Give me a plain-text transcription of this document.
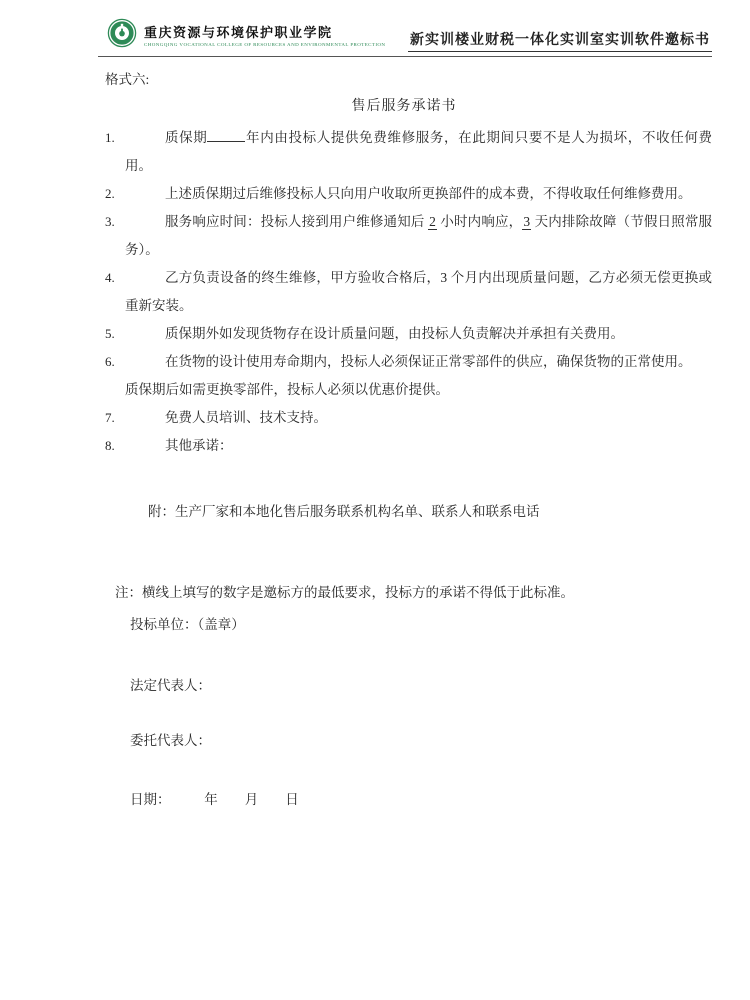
重庆资源与环境保护职业学院
CHONGQING VOCATIONAL COLLEGE OF RESOURCES AND ENVIRONMENTAL PROTECTION 新实训楼业财税一体化实训室实训软件邀标书
格式六:
售后服务承诺书
1.	质保期	年内由投标人提供免费维修服务，在此期间只要不是人为损坏，不收任何费用。
2.	上述质保期过后维修投标人只向用户收取所更换部件的成本费，不得收取任何维修费用。
3.	服务响应时间：投标人接到用户维修通知后 2 小时内响应，3 天内排除故障（节假日照常服务）。
4.	乙方负责设备的终生维修，甲方验收合格后，3 个月内出现质量问题，乙方必须无偿更换或重新安装。
5.	质保期外如发现货物存在设计质量问题，由投标人负责解决并承担有关费用。
6.	在货物的设计使用寿命期内，投标人必须保证正常零部件的供应，确保货物的正常使用。
质保期后如需更换零部件，投标人必须以优惠价提供。
7.	免费人员培训、技术支持。
8.	其他承诺：
附：生产厂家和本地化售后服务联系机构名单、联系人和联系电话
注：横线上填写的数字是邀标方的最低要求，投标方的承诺不得低于此标准。
投标单位：（盖章）
法定代表人：
委托代表人：
日期：　　　年　　月　　日
